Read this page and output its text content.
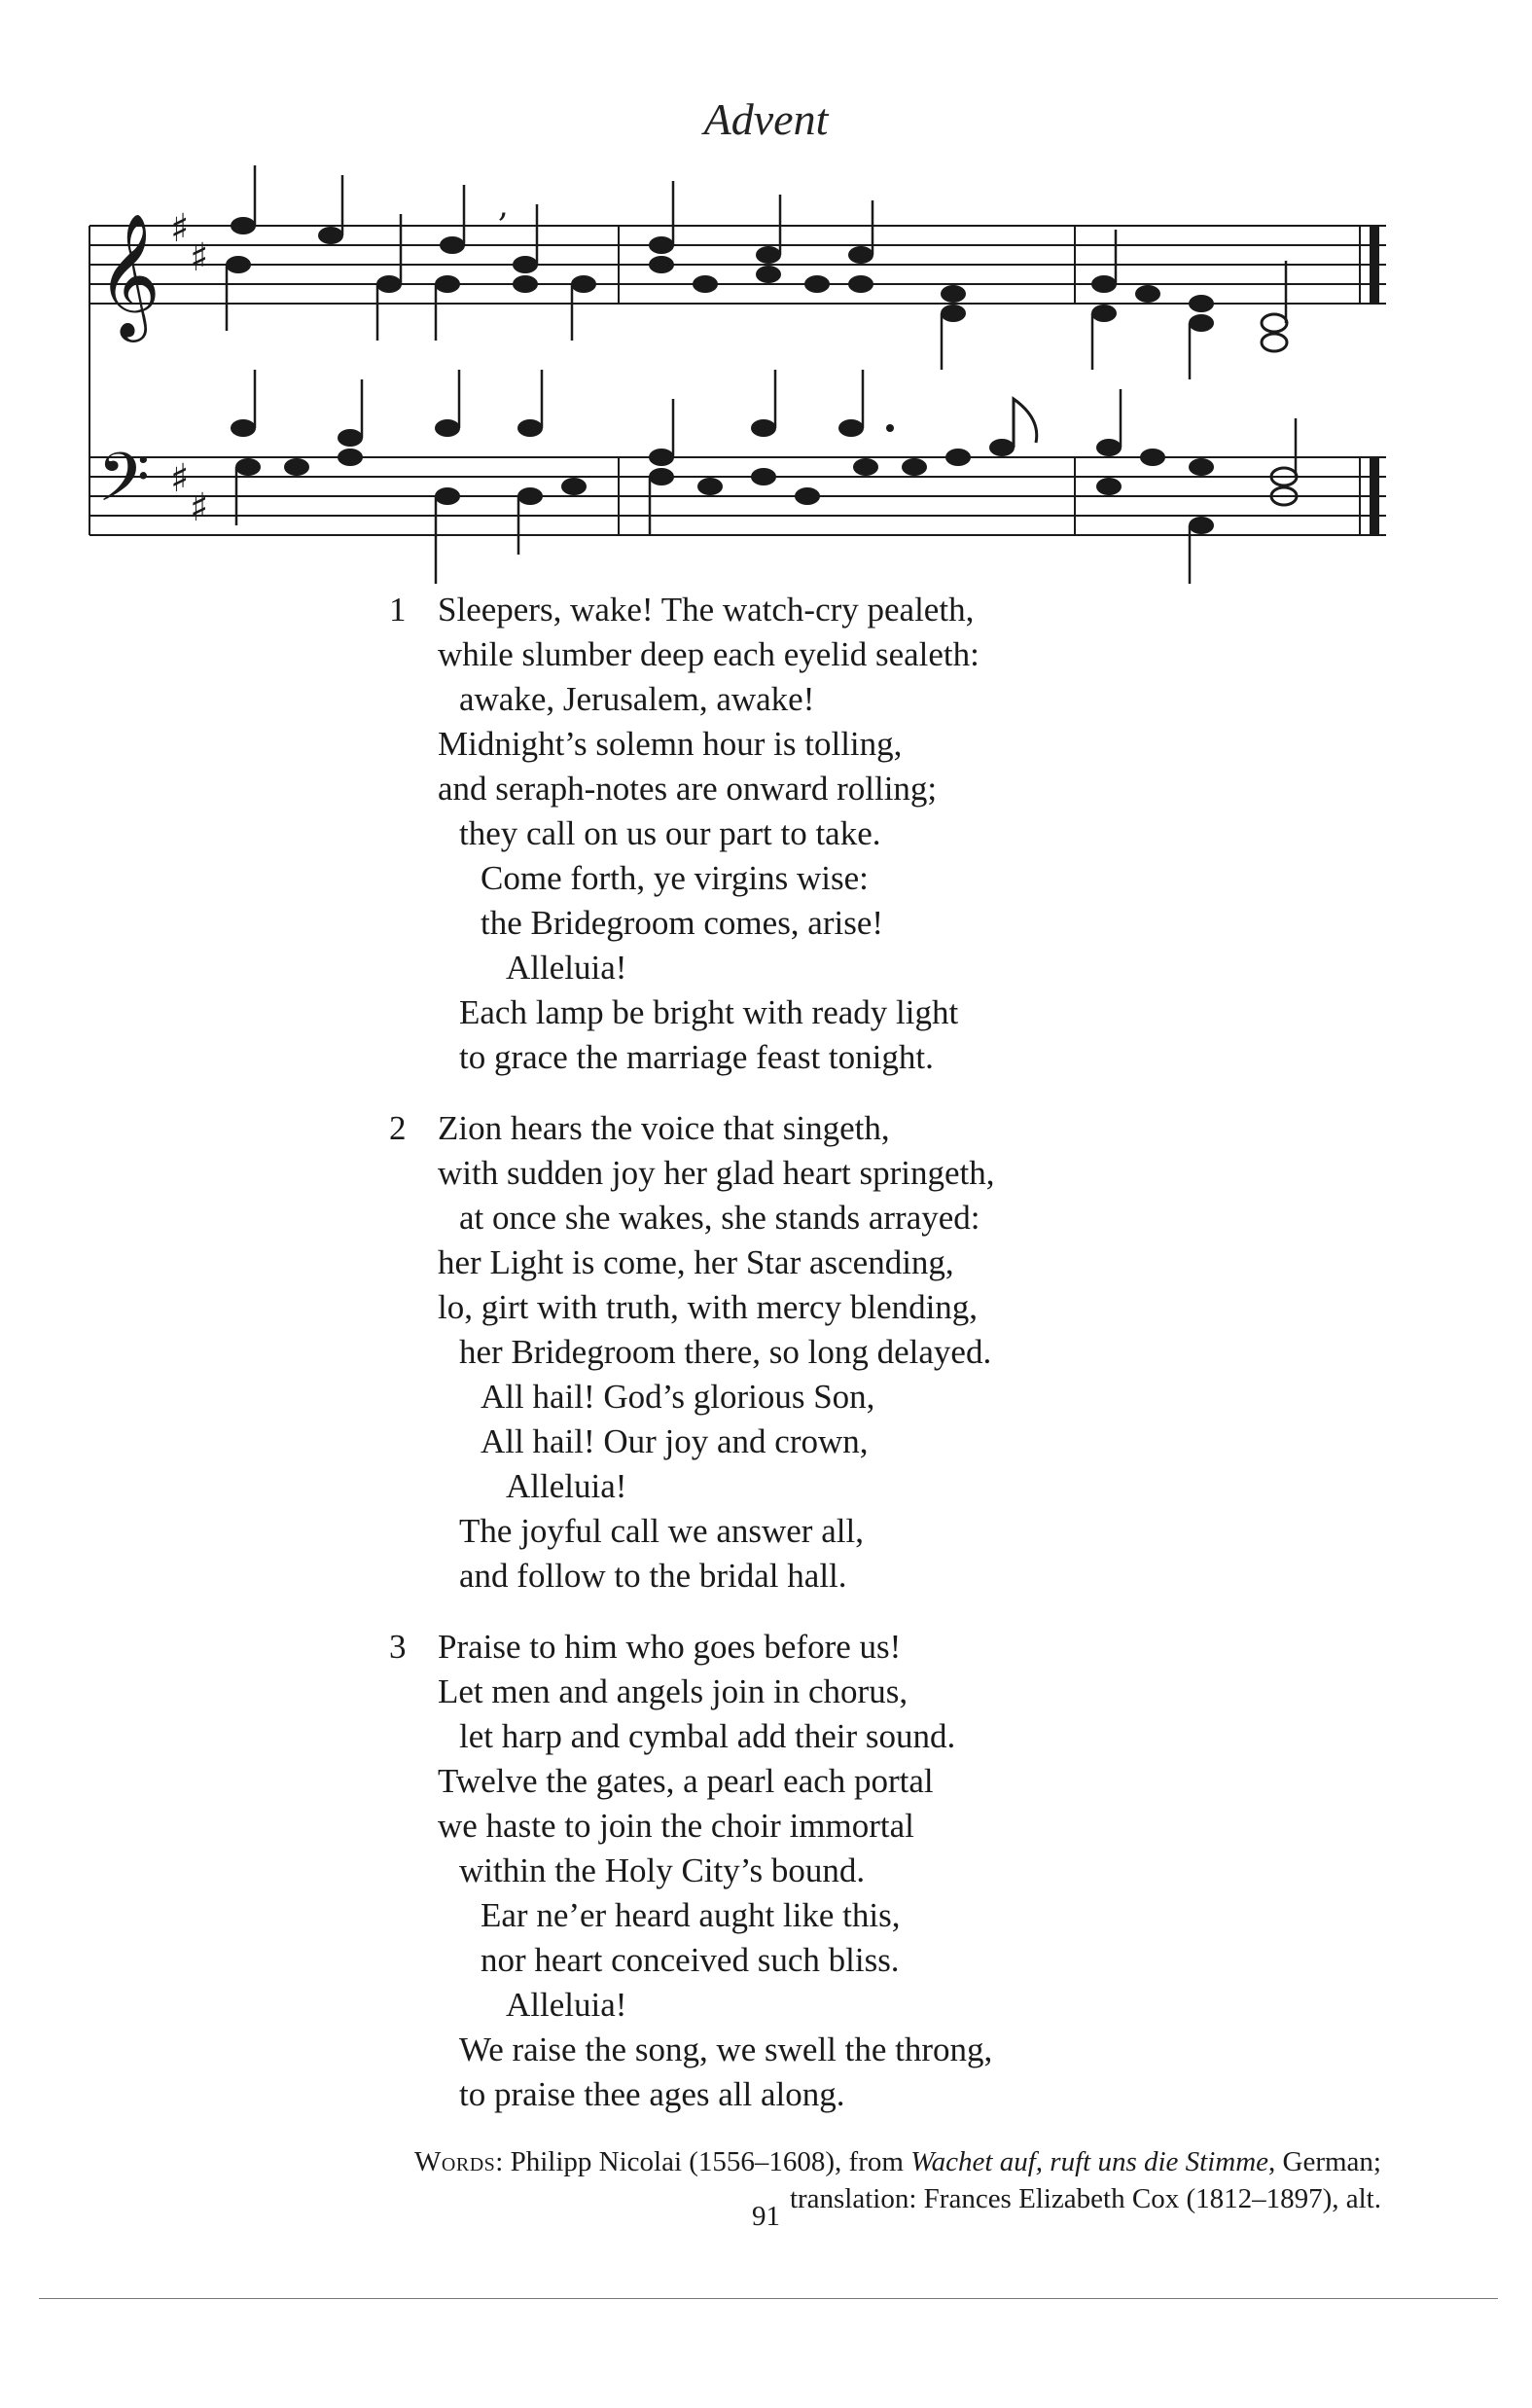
Advent
𝄞
𝄢
♯
♯
♯
♯
,
1 Sleepers, wake! The watch-cry pealeth,
while slumber deep each eyelid sealeth:
awake, Jerusalem, awake!
Midnight’s solemn hour is tolling,
and seraph-notes are onward rolling;
they call on us our part to take.
Come forth, ye virgins wise:
the Bridegroom comes, arise!
Alleluia!
Each lamp be bright with ready light
to grace the marriage feast tonight.
2 Zion hears the voice that singeth,
with sudden joy her glad heart springeth,
at once she wakes, she stands arrayed:
her Light is come, her Star ascending,
lo, girt with truth, with mercy blending,
her Bridegroom there, so long delayed.
All hail! God’s glorious Son,
All hail! Our joy and crown,
Alleluia!
The joyful call we answer all,
and follow to the bridal hall.
3 Praise to him who goes before us!
Let men and angels join in chorus,
let harp and cymbal add their sound.
Twelve the gates, a pearl each portal
we haste to join the choir immortal
within the Holy City’s bound.
Ear ne’er heard aught like this,
nor heart conceived such bliss.
Alleluia!
We raise the song, we swell the throng,
to praise thee ages all along.
Words: Philipp Nicolai (1556–1608), from Wachet auf, ruft uns die Stimme, German;
translation: Frances Elizabeth Cox (1812–1897), alt.
91
